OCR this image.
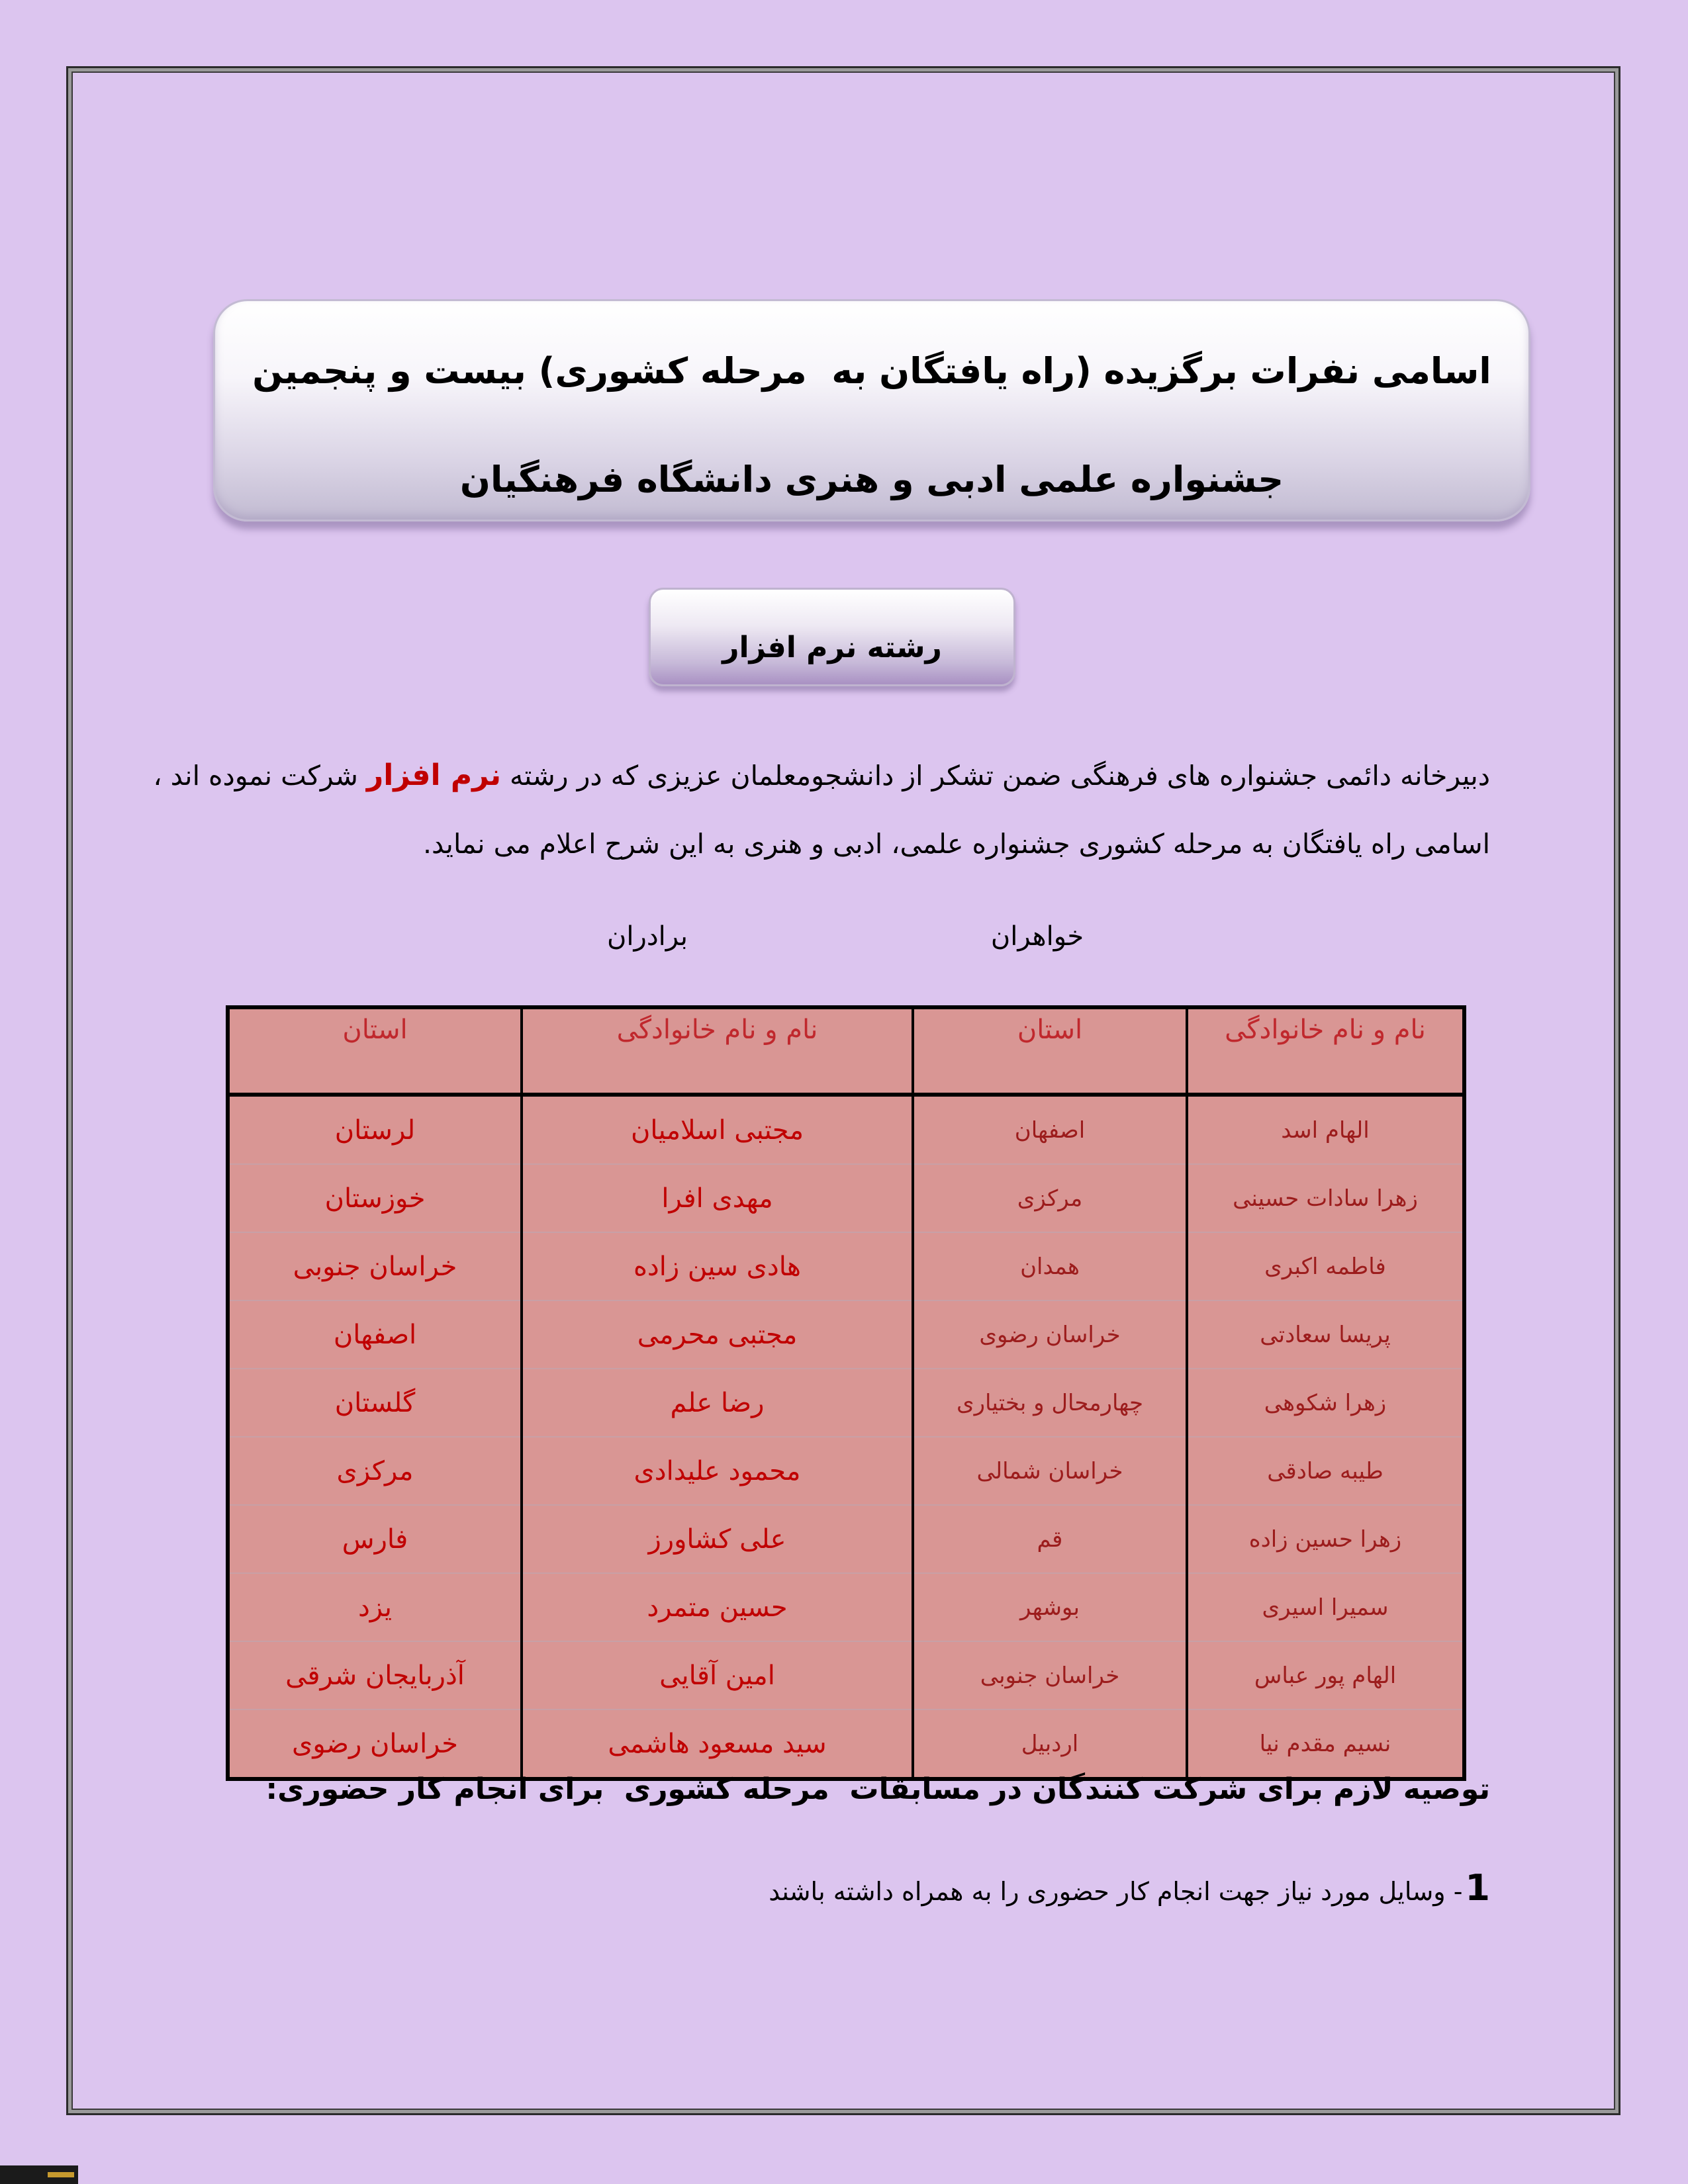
اسامی نفرات برگزیده (راه یافتگان به  مرحله کشوری) بیست و پنجمین
جشنواره علمی ادبی و هنری دانشگاه فرهنگیان
رشته نرم افزار
دبیرخانه دائمی جشنواره های فرهنگی ضمن تشکر از دانشجومعلمان عزیزی که در رشته نرم افزار شرکت نموده اند ،
اسامی راه یافتگان به مرحله کشوری جشنواره علمی، ادبی و هنری به این شرح اعلام می نماید.
خواهران
برادران
نام و نام خانوادگی	استان	نام و نام خانوادگی	استان
الهام اسد	اصفهان	مجتبی اسلامیان	لرستان
زهرا سادات حسینی	مرکزی	مهدی افرا	خوزستان
فاطمه اکبری	همدان	هادی سین زاده	خراسان جنوبی
پریسا سعادتی	خراسان رضوی	مجتبی محرمی	اصفهان
زهرا شکوهی	چهارمحال و بختیاری	رضا علم	گلستان
طیبه صادقی	خراسان شمالی	محمود علیدادی	مرکزی
زهرا حسین زاده	قم	علی کشاورز	فارس
سمیرا اسیری	بوشهر	حسین متمرد	یزد
الهام پور عباس	خراسان جنوبی	امین آقایی	آذربایجان شرقی
نسیم مقدم نیا	اردبیل	سید مسعود هاشمی	خراسان رضوی
توصیه لازم برای شرکت کنندگان در مسابقات  مرحله کشوری  برای انجام کار حضوری:
1
- وسایل مورد نیاز جهت انجام کار حضوری را به همراه داشته باشند
